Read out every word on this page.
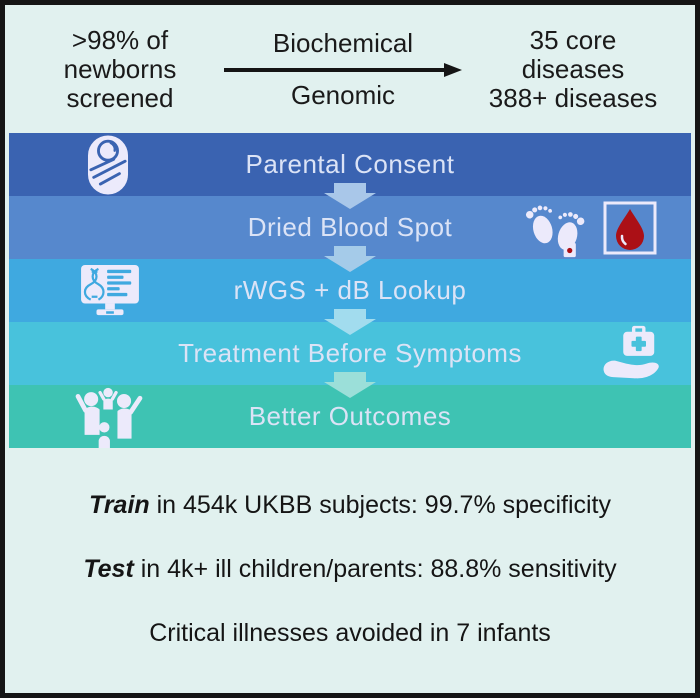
>98% of
newborns
screened
Biochemical
Genomic
35 core
diseases
388+ diseases
Parental Consent
Dried Blood Spot
rWGS + dB Lookup
Treatment Before Symptoms
Better Outcomes
Train in 454k UKBB subjects: 99.7% specificity
Test in 4k+ ill children/parents: 88.8% sensitivity
Critical illnesses avoided in 7 infants
